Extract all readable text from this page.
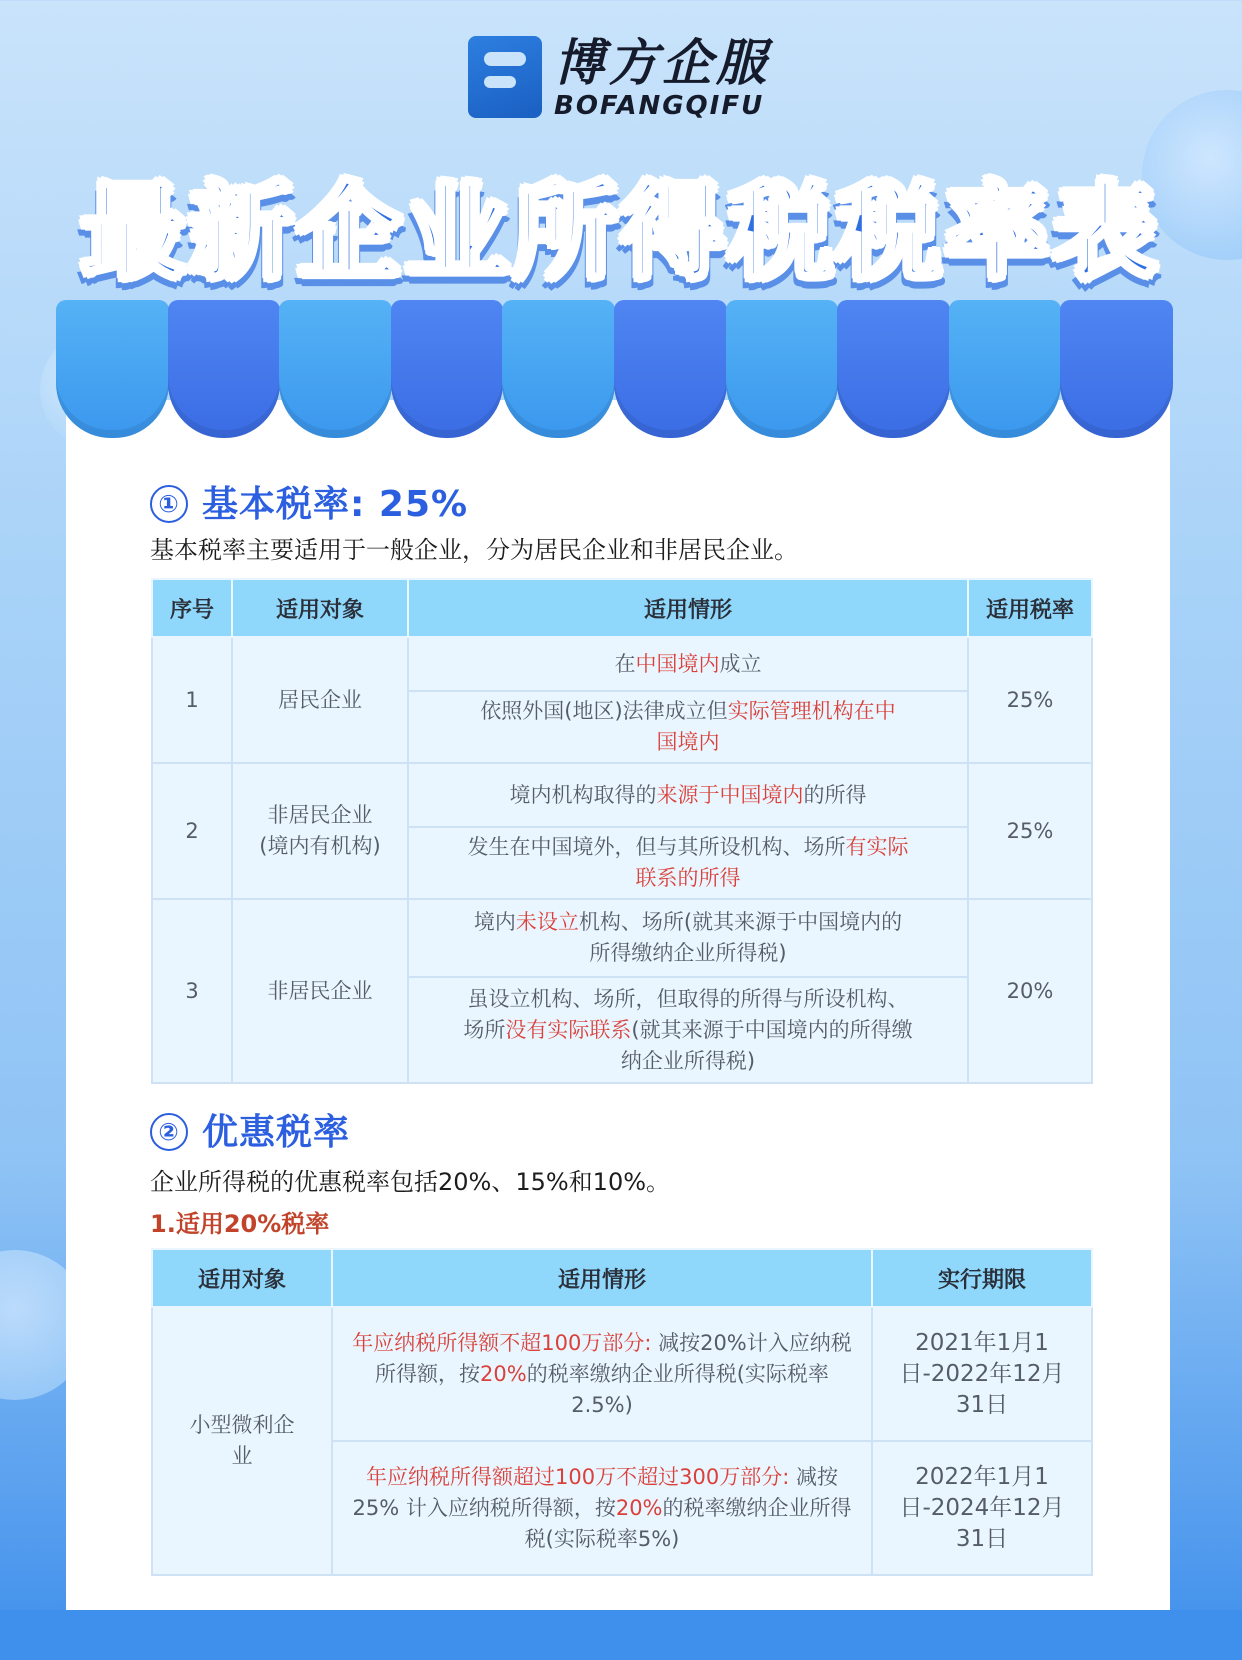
博方企服
BOFANGQIFU
最新企业所得税税率表
① 基本税率: 25%
基本税率主要适用于一般企业，分为居民企业和非居民企业。
序号	适用对象	适用情形	适用税率
1	居民企业	在中国境内成立	25%
		依照外国(地区)法律成立但实际管理机构在中国境内	
2	非居民企业(境内有机构)	境内机构取得的来源于中国境内的所得	25%
		发生在中国境外，但与其所设机构、场所有实际联系的所得	
3	非居民企业	境内未设立机构、场所(就其来源于中国境内的所得缴纳企业所得税)	20%
		虽设立机构、场所，但取得的所得与所设机构、场所没有实际联系(就其来源于中国境内的所得缴纳企业所得税)	
② 优惠税率
企业所得税的优惠税率包括20%、15%和10%。
1.适用20%税率
适用对象	适用情形	实行期限
小型微利企业	年应纳税所得额不超100万部分: 减按20%计入应纳税所得额，按20%的税率缴纳企业所得税(实际税率2.5%)	2021年1月1日-2022年12月31日
	年应纳税所得额超过100万不超过300万部分: 减按25% 计入应纳税所得额，按20%的税率缴纳企业所得税(实际税率5%)	2022年1月1日-2024年12月31日
